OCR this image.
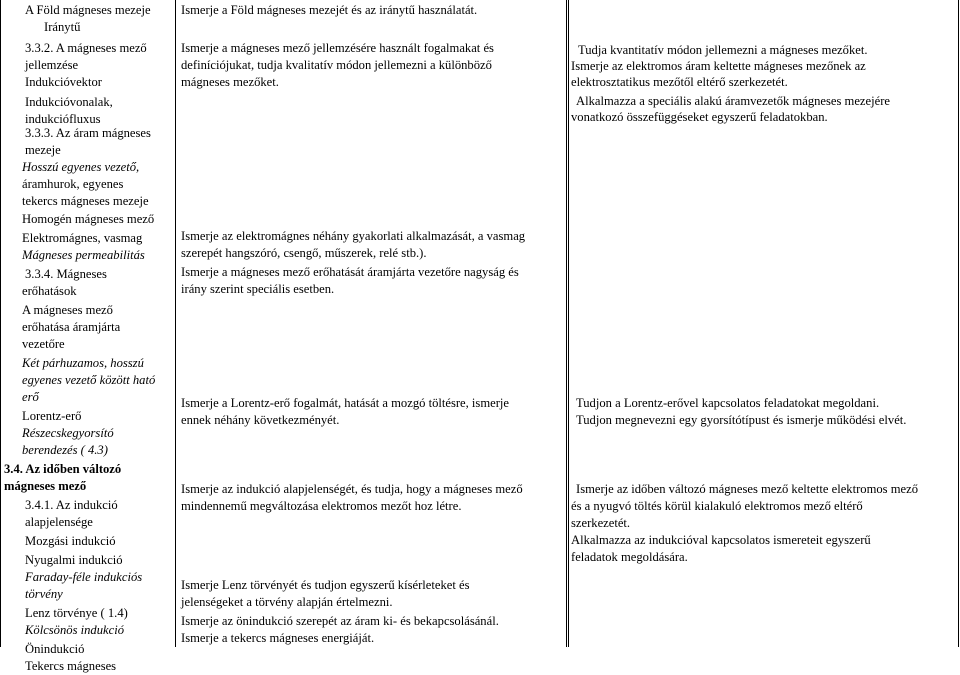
A Föld mágneses mezeje
Iránytű
3.3.2. A mágneses mező
jellemzése
Indukcióvektor
Indukcióvonalak,
indukciófluxus
3.3.3. Az áram mágneses
mezeje
Hosszú egyenes vezető,
áramhurok, egyenes
tekercs mágneses mezeje
Homogén mágneses mező
Elektromágnes, vasmag
Mágneses permeabilitás
3.3.4. Mágneses
erőhatások
A mágneses mező
erőhatása áramjárta
vezetőre
Két párhuzamos, hosszú
egyenes vezető között ható
erő
Lorentz-erő
Részecskegyorsító
berendezés ( 4.3)
3.4. Az időben változó
mágneses mező
3.4.1. Az indukció
alapjelensége
Mozgási indukció
Nyugalmi indukció
Faraday-féle indukciós
törvény
Lenz törvénye ( 1.4)
Kölcsönös indukció
Önindukció
Tekercs mágneses
Ismerje a Föld mágneses mezejét és az iránytű használatát.
Ismerje a mágneses mező jellemzésére használt fogalmakat és
definíciójukat, tudja kvalitatív módon jellemezni a különböző
mágneses mezőket.
Ismerje az elektromágnes néhány gyakorlati alkalmazását, a vasmag
szerepét hangszóró, csengő, műszerek, relé stb.).
Ismerje a mágneses mező erőhatását áramjárta vezetőre nagyság és
irány szerint speciális esetben.
Ismerje a Lorentz-erő fogalmát, hatását a mozgó töltésre, ismerje
ennek néhány következményét.
Ismerje az indukció alapjelenségét, és tudja, hogy a mágneses mező
mindennemű megváltozása elektromos mezőt hoz létre.
Ismerje Lenz törvényét és tudjon egyszerű kísérleteket és
jelenségeket a törvény alapján értelmezni.
Ismerje az önindukció szerepét az áram ki- és bekapcsolásánál.
Ismerje a tekercs mágneses energiáját.
Tudja kvantitatív módon jellemezni a mágneses mezőket.
Ismerje az elektromos áram keltette mágneses mezőnek az
elektrosztatikus mezőtől eltérő szerkezetét.
Alkalmazza a speciális alakú áramvezetők mágneses mezejére
vonatkozó összefüggéseket egyszerű feladatokban.
Tudjon a Lorentz-erővel kapcsolatos feladatokat megoldani.
Tudjon megnevezni egy gyorsítótípust és ismerje működési elvét.
Ismerje az időben változó mágneses mező keltette elektromos mező
és a nyugvó töltés körül kialakuló elektromos mező eltérő
szerkezetét.
Alkalmazza az indukcióval kapcsolatos ismereteit egyszerű
feladatok megoldására.
